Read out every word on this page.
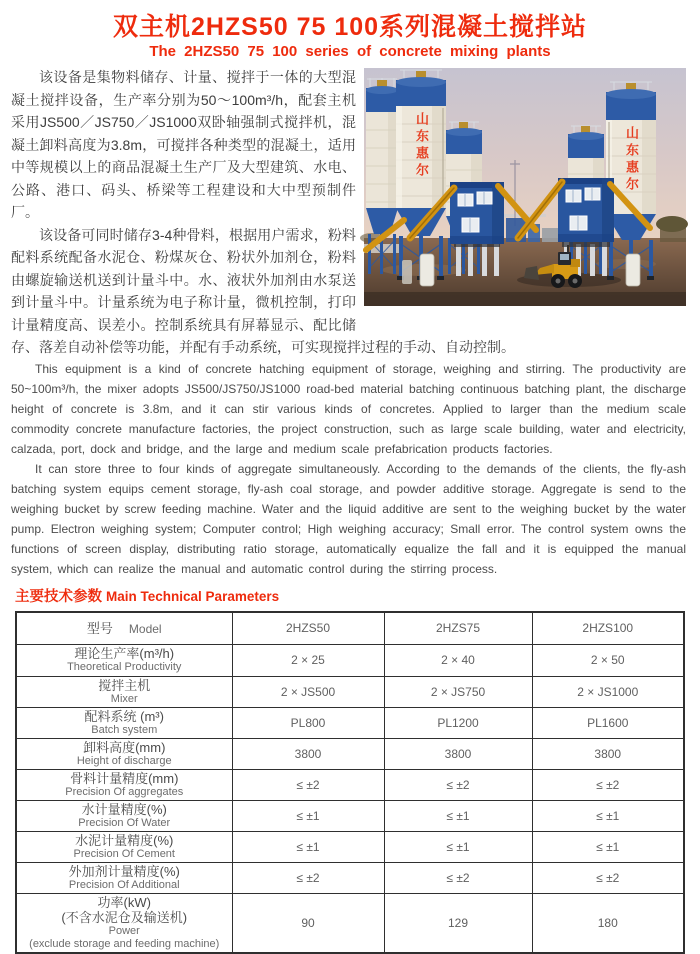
双主机2HZS50 75 100系列混凝土搅拌站
The 2HZS50 75 100 series of concrete mixing plants
山东惠尔	山东惠尔

该设备是集物料储存、计量、搅拌于一体的大型混凝土搅拌设备，生产率分别为50～100m³/h，配套主机采用JS500／JS750／JS1000双卧轴强制式搅拌机，混凝土卸料高度为3.8m，可搅拌各种类型的混凝土，适用中等规模以上的商品混凝土生产厂及大型建筑、水电、公路、港口、码头、桥梁等工程建设和大中型预制件厂。

该设备可同时储存3-4种骨料，根据用户需求，粉料配料系统配备水泥仓、粉煤灰仓、粉状外加剂仓，粉料由螺旋输送机送到计量斗中。水、液状外加剂由水泵送到计量斗中。计量系统为电子称计量，微机控制，打印计量精度高、误差小。控制系统具有屏幕显示、配比储存、落差自动补偿等功能，并配有手动系统，可实现搅拌过程的手动、自动控制。

This equipment is a kind of concrete hatching equipment of storage, weighing and stirring. The productivity are 50~100m³/h, the mixer adopts JS500/JS750/JS1000 road-bed material batching continuous batching plant, the discharge height of concrete is 3.8m, and it can stir various kinds of concretes. Applied to larger than the medium scale commodity concrete manufacture factories, the project construction, such as large scale building, water and electricity, calzada, port, dock and bridge, and the large and medium scale prefabrication products factories.

It can store three to four kinds of aggregate simultaneously. According to the demands of the clients, the fly-ash batching system equips cement storage, fly-ash coal storage, and powder additive storage. Aggregate is send to the weighing bucket by screw feeding machine. Water and the liquid additive are sent to the weighing bucket by the water pump. Electron weighing system; Computer control; High weighing accuracy; Small error. The control system owns the functions of screen display, distributing ratio storage, automatically equalize the fall and it is equipped the manual system, which can realize the manual and automatic control during the stirring process.

主要技术参数 Main Technical Parameters
型号 Model	2HZS50	2HZS75	2HZS100

理论生产率(m³/h)
Theoretical Productivity	2 × 25	2 × 40	2 × 50

搅拌主机
Mixer	2 × JS500	2 × JS750	2 × JS1000

配料系统 (m³)
Batch system	PL800	PL1200	PL1600

卸料高度(mm)
Height of discharge	3800	3800	3800

骨料计量精度(mm)
Precision Of aggregates	≤ ±2	≤ ±2	≤ ±2

水计量精度(%)
Precision Of Water	≤ ±1	≤ ±1	≤ ±1

水泥计量精度(%)
Precision Of Cement	≤ ±1	≤ ±1	≤ ±1

外加剂计量精度(%)
Precision Of Additional	≤ ±2	≤ ±2	≤ ±2

功率(kW)
(不含水泥仓及输送机)
Power
(exclude storage and feeding machine)	90	129	180
